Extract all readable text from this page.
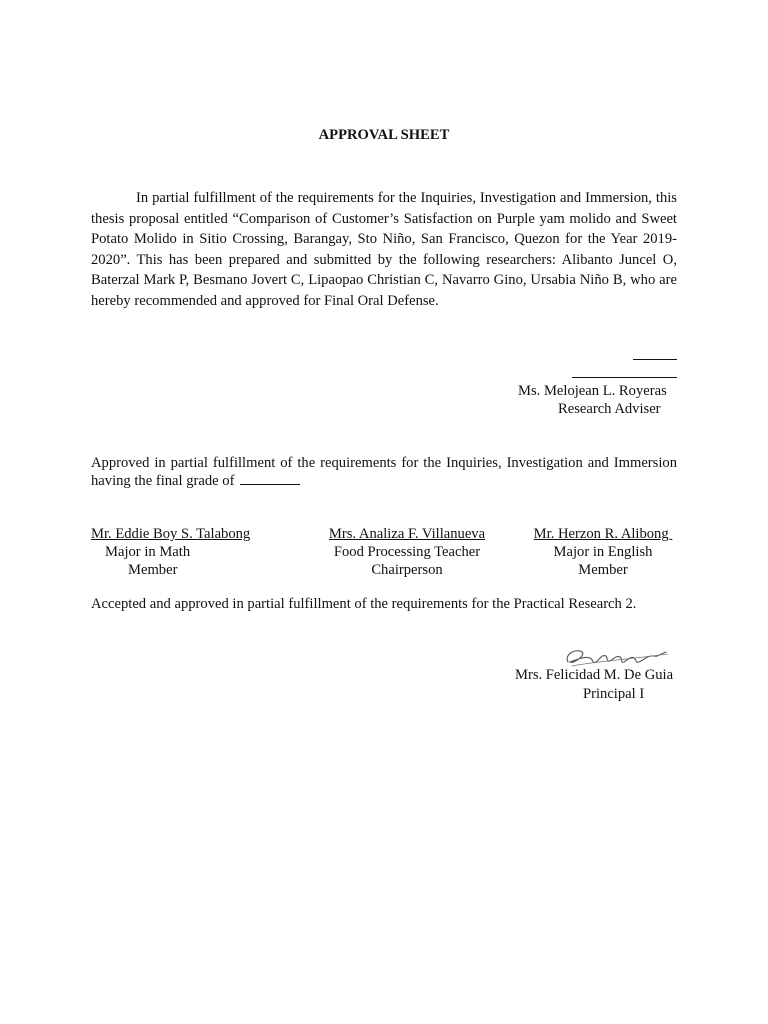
APPROVAL SHEET
In partial fulfillment of the requirements for the Inquiries, Investigation and Immersion, this thesis proposal entitled “Comparison of Customer’s Satisfaction on Purple yam molido and Sweet Potato Molido in Sitio Crossing, Barangay, Sto Niño, San Francisco, Quezon for the Year 2019-2020”. This has been prepared and submitted by the following researchers: Alibanto Juncel O, Baterzal Mark P, Besmano Jovert C, Lipaopao Christian C, Navarro Gino, Ursabia Niño B, who are hereby recommended and approved for Final Oral Defense.
Ms. Melojean L. Royeras
Research Adviser
Approved in partial fulfillment of the requirements for the Inquiries, Investigation and Immersion having the final grade of
Mr. Eddie Boy S. Talabong
Major in Math
Member
Mrs. Analiza F. Villanueva
Food Processing Teacher
Chairperson
Mr. Herzon R. Alibong
Major in English
Member
Accepted and approved in partial fulfillment of the requirements for the Practical Research 2.
Mrs. Felicidad M. De Guia
Principal I
